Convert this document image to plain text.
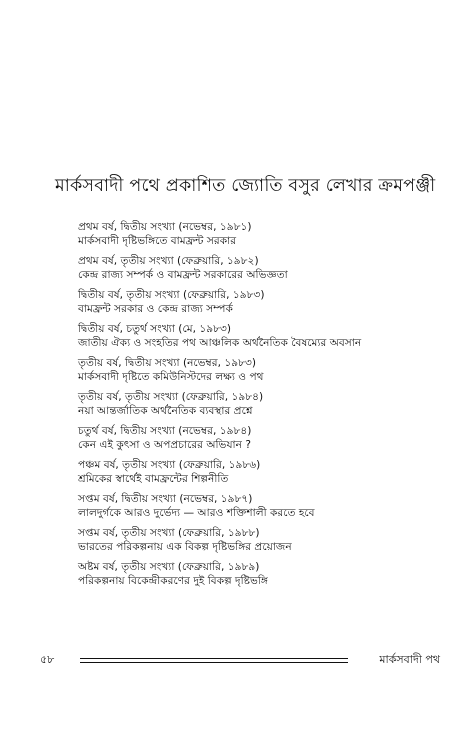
মার্কসবাদী পথে প্রকাশিত জ্যোতি বসুর লেখার ক্রমপঞ্জী
প্রথম বর্ষ, দ্বিতীয় সংখ্যা (নভেম্বর, ১৯৮১)
মার্কসবাদী দৃষ্টিভঙ্গিতে বামফ্রন্ট সরকার
প্রথম বর্ষ, তৃতীয় সংখ্যা (ফেব্রুয়ারি, ১৯৮২)
কেন্দ্র রাজ্য সম্পর্ক ও বামফ্রন্ট সরকারের অভিজ্ঞতা
দ্বিতীয় বর্ষ, তৃতীয় সংখ্যা (ফেব্রুয়ারি, ১৯৮৩)
বামফ্রন্ট সরকার ও কেন্দ্র রাজ্য সম্পর্ক
দ্বিতীয় বর্ষ, চতুর্থ সংখ্যা (মে, ১৯৮৩)
জাতীয় ঐক্য ও সংহতির পথ আঞ্চলিক অর্থনৈতিক বৈষম্যের অবসান
তৃতীয় বর্ষ, দ্বিতীয় সংখ্যা (নভেম্বর, ১৯৮৩)
মার্কসবাদী দৃষ্টিতে কমিউনিস্টদের লক্ষ্য ও পথ
তৃতীয় বর্ষ, তৃতীয় সংখ্যা (ফেব্রুয়ারি, ১৯৮৪)
নয়া আন্তর্জাতিক অর্থনৈতিক ব্যবস্থার প্রশ্নে
চতুর্থ বর্ষ, দ্বিতীয় সংখ্যা (নভেম্বর, ১৯৮৪)
কেন এই কুৎসা ও অপপ্রচারের অভিযান ?
পঞ্চম বর্ষ, তৃতীয় সংখ্যা (ফেব্রুয়ারি, ১৯৮৬)
শ্রমিকের স্বার্থেই বামফ্রন্টের শিল্পনীতি
সপ্তম বর্ষ, দ্বিতীয় সংখ্যা (নভেম্বর, ১৯৮৭)
লালদুর্গকে আরও দুর্ভেদ্য — আরও শক্তিশালী করতে হবে
সপ্তম বর্ষ, তৃতীয় সংখ্যা (ফেব্রুয়ারি, ১৯৮৮)
ভারতের পরিকল্পনায় এক বিকল্প দৃষ্টিভঙ্গির প্রয়োজন
অষ্টম বর্ষ, তৃতীয় সংখ্যা (ফেব্রুয়ারি, ১৯৮৯)
পরিকল্পনায় বিকেন্দ্রীকরণের দুই বিকল্প দৃষ্টিভঙ্গি
৫৮	মার্কসবাদী পথ
